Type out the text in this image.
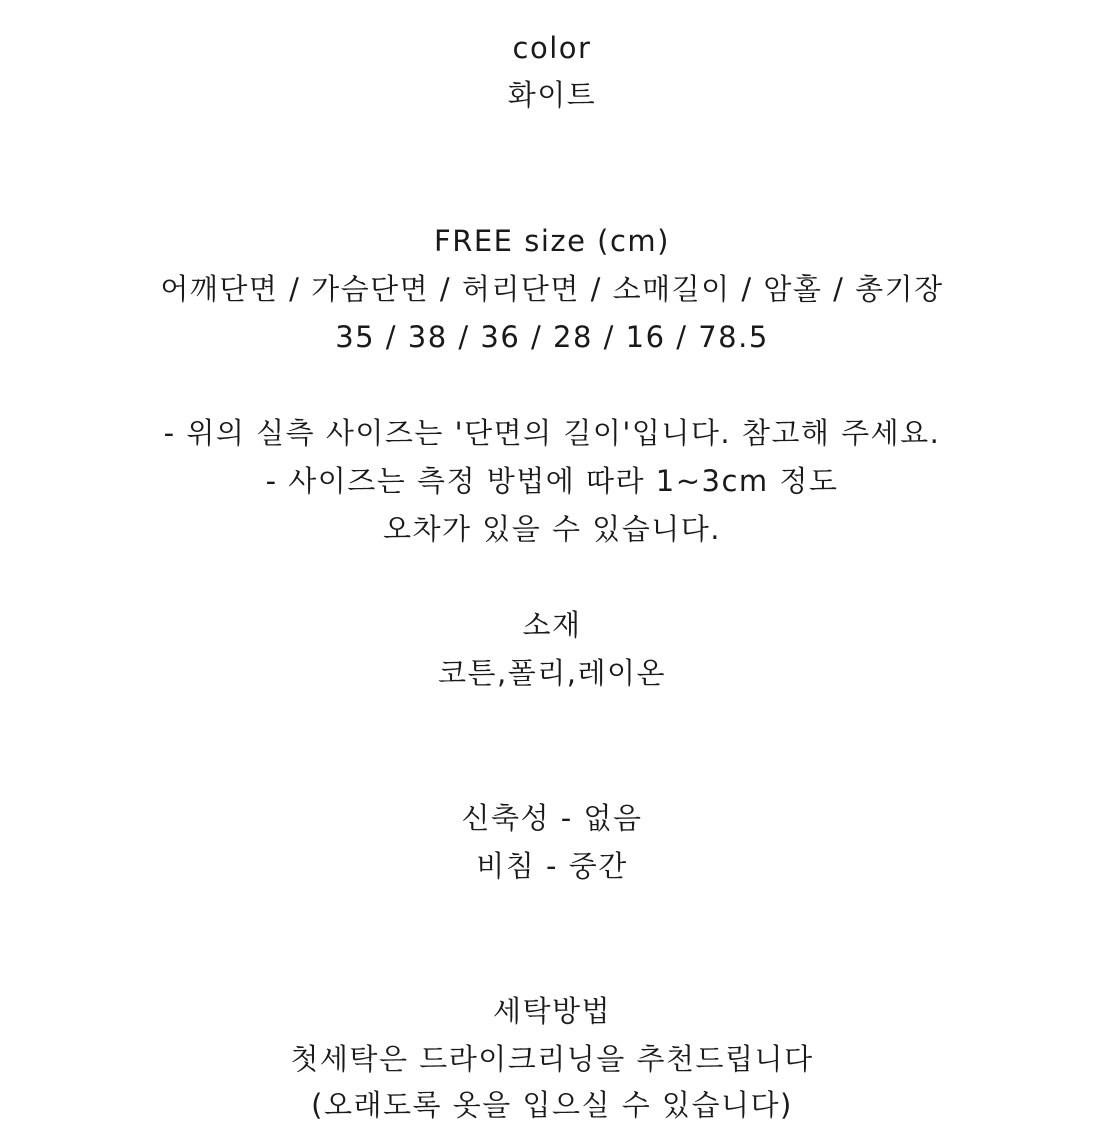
color
화이트
FREE size (cm)
어깨단면 / 가슴단면 / 허리단면 / 소매길이 / 암홀 / 총기장
35 / 38 / 36 / 28 / 16 / 78.5
- 위의 실측 사이즈는 '단면의 길이'입니다. 참고해 주세요.
- 사이즈는 측정 방법에 따라 1~3cm 정도
오차가 있을 수 있습니다.
소재
코튼,폴리,레이온
신축성 - 없음
비침 - 중간
세탁방법
첫세탁은 드라이크리닝을 추천드립니다
(오래도록 옷을 입으실 수 있습니다)
